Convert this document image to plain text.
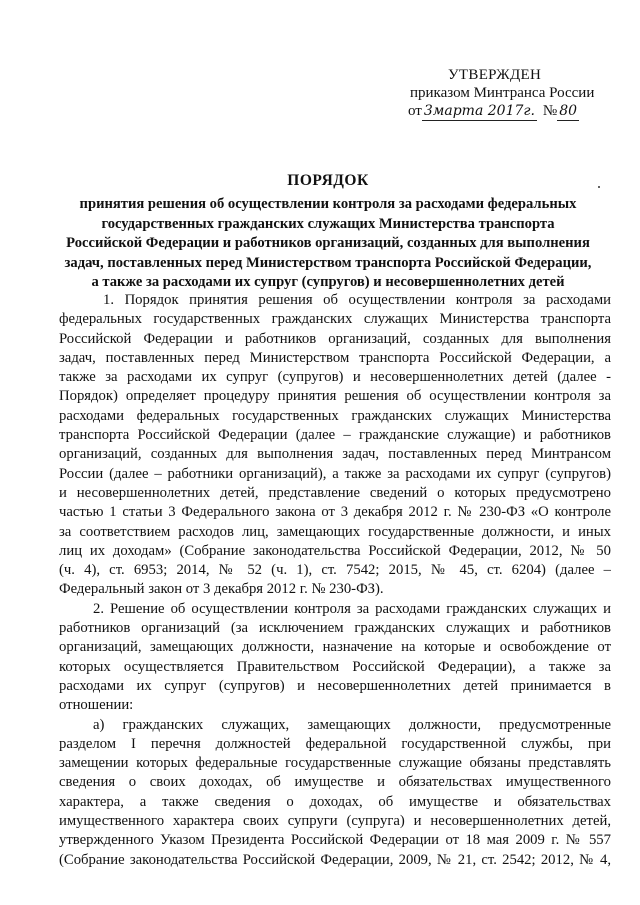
УТВЕРЖДЕН
приказом Минтранса России
от 3марта 2017г. № 80
ПОРЯДОК
принятия решения об осуществлении контроля за расходами федеральных
государственных гражданских служащих Министерства транспорта
Российской Федерации и работников организаций, созданных для выполнения
задач, поставленных перед Министерством транспорта Российской Федерации,
а также за расходами их супруг (супругов) и несовершеннолетних детей
1. Порядок принятия решения об осуществлении контроля за расходами
федеральных государственных гражданских служащих Министерства транспорта
Российской Федерации и работников организаций, созданных для выполнения
задач, поставленных перед Министерством транспорта Российской Федерации, а
также за расходами их супруг (супругов) и несовершеннолетних детей (далее -
Порядок) определяет процедуру принятия решения об осуществлении контроля за
расходами федеральных государственных гражданских служащих Министерства
транспорта Российской Федерации (далее – гражданские служащие) и работников
организаций, созданных для выполнения задач, поставленных перед Минтрансом
России (далее – работники организаций), а также за расходами их супруг (супругов)
и несовершеннолетних детей, представление сведений о которых предусмотрено
частью 1 статьи 3 Федерального закона от 3 декабря 2012 г. № 230-ФЗ «О контроле
за соответствием расходов лиц, замещающих государственные должности, и иных
лиц их доходам» (Собрание законодательства Российской Федерации, 2012, № 50
(ч. 4), ст. 6953; 2014, № 52 (ч. 1), ст. 7542; 2015, № 45, ст. 6204) (далее –
Федеральный закон от 3 декабря 2012 г. № 230-ФЗ).
2. Решение об осуществлении контроля за расходами гражданских служащих и
работников организаций (за исключением гражданских служащих и работников
организаций, замещающих должности, назначение на которые и освобождение от
которых осуществляется Правительством Российской Федерации), а также за
расходами их супруг (супругов) и несовершеннолетних детей принимается в
отношении:
а) гражданских служащих, замещающих должности, предусмотренные
разделом I перечня должностей федеральной государственной службы, при
замещении которых федеральные государственные служащие обязаны представлять
сведения о своих доходах, об имуществе и обязательствах имущественного
характера, а также сведения о доходах, об имуществе и обязательствах
имущественного характера своих супруги (супруга) и несовершеннолетних детей,
утвержденного Указом Президента Российской Федерации от 18 мая 2009 г. № 557
(Собрание законодательства Российской Федерации, 2009, № 21, ст. 2542; 2012, № 4,
